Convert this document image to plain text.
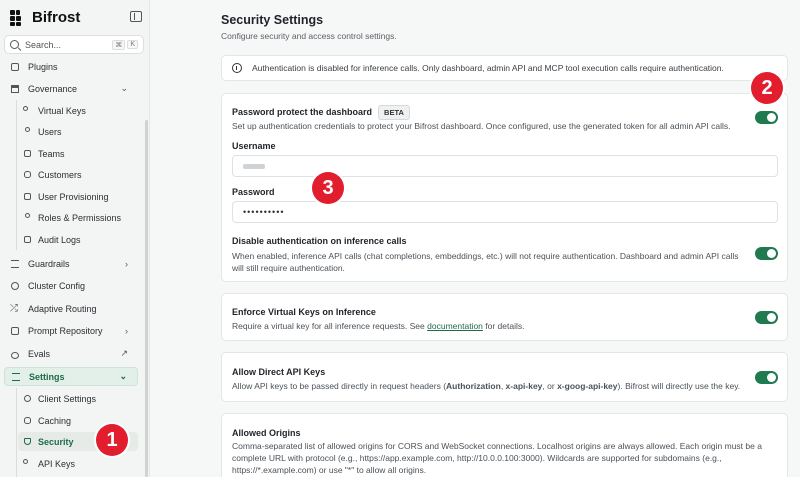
Bifrost
Search...	⌘	K
Plugins
Governance	⌄
Virtual Keys
Users
Teams
Customers
User Provisioning
Roles & Permissions
Audit Logs
Guardrails	›
Cluster Config
⤮ Adaptive Routing
Prompt Repository ›
Evals	↗
Settings	⌄
Client Settings
Caching
Security
API Keys
Security Settings
Configure security and access control settings.
Authentication is disabled for inference calls. Only dashboard, admin API and MCP tool execution calls require authentication.
Password protect the dashboard BETA
Set up authentication credentials to protect your Bifrost dashboard. Once configured, use the generated token for all admin API calls.
Username
Password
••••••••••
Disable authentication on inference calls
When enabled, inference API calls (chat completions, embeddings, etc.) will not require authentication. Dashboard and admin API calls
will still require authentication.
Enforce Virtual Keys on Inference
Require a virtual key for all inference requests. See documentation for details.
Allow Direct API Keys
Allow API keys to be passed directly in request headers (Authorization, x-api-key, or x-goog-api-key). Bifrost will directly use the key.
Allowed Origins
Comma-separated list of allowed origins for CORS and WebSocket connections. Localhost origins are always allowed. Each origin must be a
complete URL with protocol (e.g., https://app.example.com, http://10.0.0.100:3000). Wildcards are supported for subdomains (e.g.,
https://*.example.com) or use "*" to allow all origins.
1
2
3
